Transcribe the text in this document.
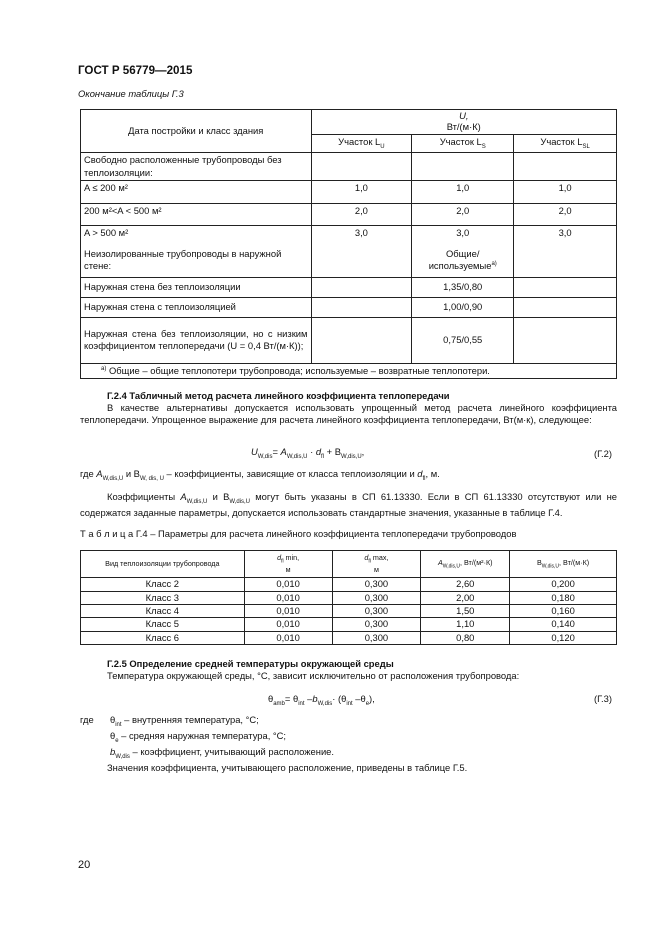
ГОСТ Р 56779—2015
Окончание таблицы Г.3
Дата постройки и класс здания	U,
Вт/(м·К)		
	Участок $L_U$	Участок $L_S$	Участок $L_{SL}$
Свободно расположенные трубопроводы без теплоизоляции:			
A ≤ 200 м²	1,0	1,0	1,0
200 м²<A < 500 м²	2,0	2,0	2,0
A > 500 м²	3,0	3,0	3,0
Неизолированные трубопроводы в наружной стене:		Общие/ используемые$^{а)}$	
Наружная стена без теплоизоляции		1,35/0,80	
Наружная стена с теплоизоляцией		1,00/0,90	
Наружная стена без теплоизоляции, но с низким коэффициентом теплопередачи (U = 0,4 Вт/(м·К));		0,75/0,55	
$^{а)}$ Общие – общие теплопотери трубопровода; используемые – возвратные теплопотери.			
Г.2.4 Табличный метод расчета линейного коэффициента теплопередачи
В качестве альтернативы допускается использовать упрощенный метод расчета линейного коэффициента теплопередачи. Упрощенное выражение для расчета линейного коэффициента теплопередачи, Вт(м·к), следующее:
$U_{W,dis}= A_{W,dis,U} \cdot d_{fl} + B_{W,dis,U}$,	(Г.2)
где $A_{W,dis,U}$ и $B_{W, dis, U}$ – коэффициенты, зависящие от класса теплоизоляции и $d_{fl}$, м.
Коэффициенты $A_{W,dis,U}$ и $B_{W,dis,U}$ могут быть указаны в СП 61.13330. Если в СП 61.13330 отсутствуют или не содержатся заданные параметры, допускается использовать стандартные значения, указанные в таблице Г.4.
Т а б л и ц а Г.4 – Параметры для расчета линейного коэффициента теплопередачи трубопроводов
Вид теплоизоляции трубопровода	$d_{fl}$ min,
м	$d_{fl}$ max,
м	$A_{W,dis,U}$, Вт/(м²·К)	$B_{W,dis,U}$, Вт/(м·К)
Класс 2	0,010	0,300	2,60	0,200
Класс 3	0,010	0,300	2,00	0,180
Класс 4	0,010	0,300	1,50	0,160
Класс 5	0,010	0,300	1,10	0,140
Класс 6	0,010	0,300	0,80	0,120
Г.2.5 Определение средней температуры окружающей среды
Температура окружающей среды, °С, зависит исключительно от расположения трубопровода:
$\theta_{amb}= \theta_{int}$ $-b_{W,dis}\cdot (\theta_{int}$ $-\theta_e$),	(Г.3)
где	$\theta_{int}$ – внутренняя температура, °С;
$\theta_e$ – средняя наружная температура, °С;
$b_{W,dis}$ – коэффициент, учитывающий расположение.
Значения коэффициента, учитывающего расположение, приведены в таблице Г.5.
20
